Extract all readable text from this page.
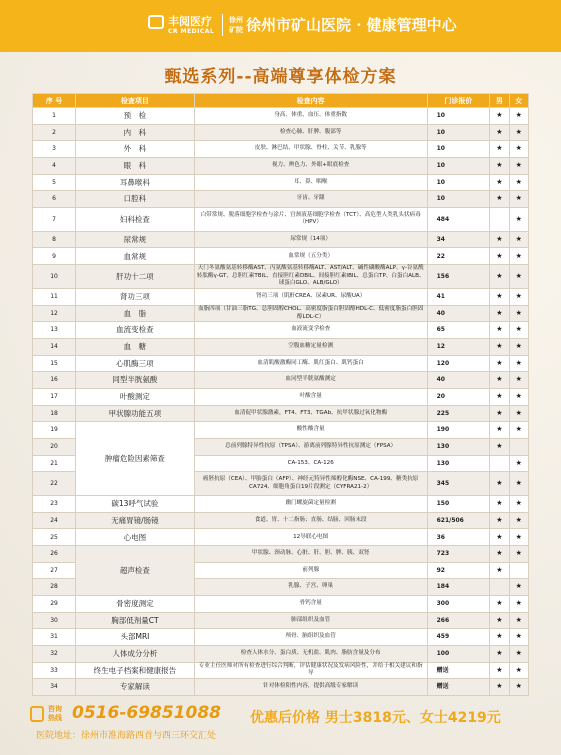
丰阅医疗
CR MEDICAL
徐州矿院 徐州市矿山医院 · 健康管理中心
甄选系列--高端尊享体检方案
序 号	检查项目	检查内容	门诊报价	男	女
1	预　检	身高、体重、血压、体重指数	10	★	★
2	内　科	检查心肺、肝脾、腹部等	10	★	★
3	外　科	皮肤、淋巴结、甲状腺、脊柱、关节、乳腺等	10	★	★
4	眼　科	视力、辨色力、外眼+眼底检查	10	★	★
5	耳鼻喉科	耳、鼻、咽喉	10	★	★
6	口腔科	牙齿、牙龈	10	★	★
7	妇科检查	白带常规、脱落细胞学检查与涂片、宫颈液基细胞学检查（TCT）、高危型人类乳头状病毒（HPV）	484		★
8	尿常规	尿常规（14项）	34	★	★
9	血常规	血常规（五分类）	22	★	★
10	肝功十二项	天门冬氨酸氨基转移酶AST、丙氨酸氨基转移酶ALT、AST/ALT、碱性磷酸酶ALP、γ-谷氨酰转肽酶γ-GT、总胆红素TBIL、直接胆红素DBIL、间接胆红素IBIL、总蛋白TP、白蛋白ALB、球蛋白GLO、ALB/GLO）	156	★	★
11	肾功三项	肾功三项（肌酐CREA、尿素UR、尿酸UA）	41	★	★
12	血　脂	血脂四项（甘油三脂TG、总胆固醇CHOL、高密度脂蛋白胆固醇HDL-C、低密度脂蛋白胆固醇LDL-C）	40	★	★
13	血流变检查	血液流变学检查	65	★	★
14	血　糖	空腹血糖定量检测	12	★	★
15	心肌酶三项	血清肌酸激酶同工酶、肌红蛋白、肌钙蛋白	120	★	★
16	同型半胱氨酸	血同型半胱氨酸测定	40	★	★
17	叶酸测定	叶酸含量	20	★	★
18	甲状腺功能五项	血清促甲状腺激素，FT4、FT3、TGAb、抗甲状腺过氧化物酶	225	★	★
19	肿瘤危险因素筛查	酸性酸含量	190	★	★
20		总前列腺特异性抗原（TPSA）、游离前列腺特异性抗原测定（FPSA）	130	★	
21		CA-153、CA-126	130		★
22		癌胚抗原（CEA）、甲胎蛋白（AFP）、神经元特异性烯醇化酶NSE、CA-199、糖类抗原CA724、细胞角蛋白19片段测定（CYFRA21-2）	345	★	★
23	碳13呼气试验	幽门螺旋菌定量检测	150	★	★
24	无痛胃镜/肠镜	食道、胃、十二指肠；直肠、结肠、回肠末段	621/506	★	★
25	心电图	12导联心电图	36	★	★
26	超声检查	甲状腺、颈动脉、心脏、肝、胆、脾、胰、双肾	723	★	★
27		前列腺	92	★	
28		乳腺、子宫、卵巢	184		★
29	骨密度测定	骨钙含量	300	★	★
30	胸部低剂量CT	肺部组织及血管	266	★	★
31	头部MRI	颅骨、脑组织及血管	459	★	★
32	人体成分分析	检查人体水分、蛋白质、无机盐、肌肉、脂肪含量及分布	100	★	★
33	终生电子档案和健康报告	专业主任医师对所有检查进行综合判断，评估健康状况及发病风险性，并给于相关建议和指导	赠送	★	★
34	专家解读	针对体检阳性内容，提供高级专家解读	赠送	★	★
咨询热线 0516-69851088 优惠后价格 男士3818元、女士4219元
医院地址：徐州市淮海路西首与西三环交汇处
